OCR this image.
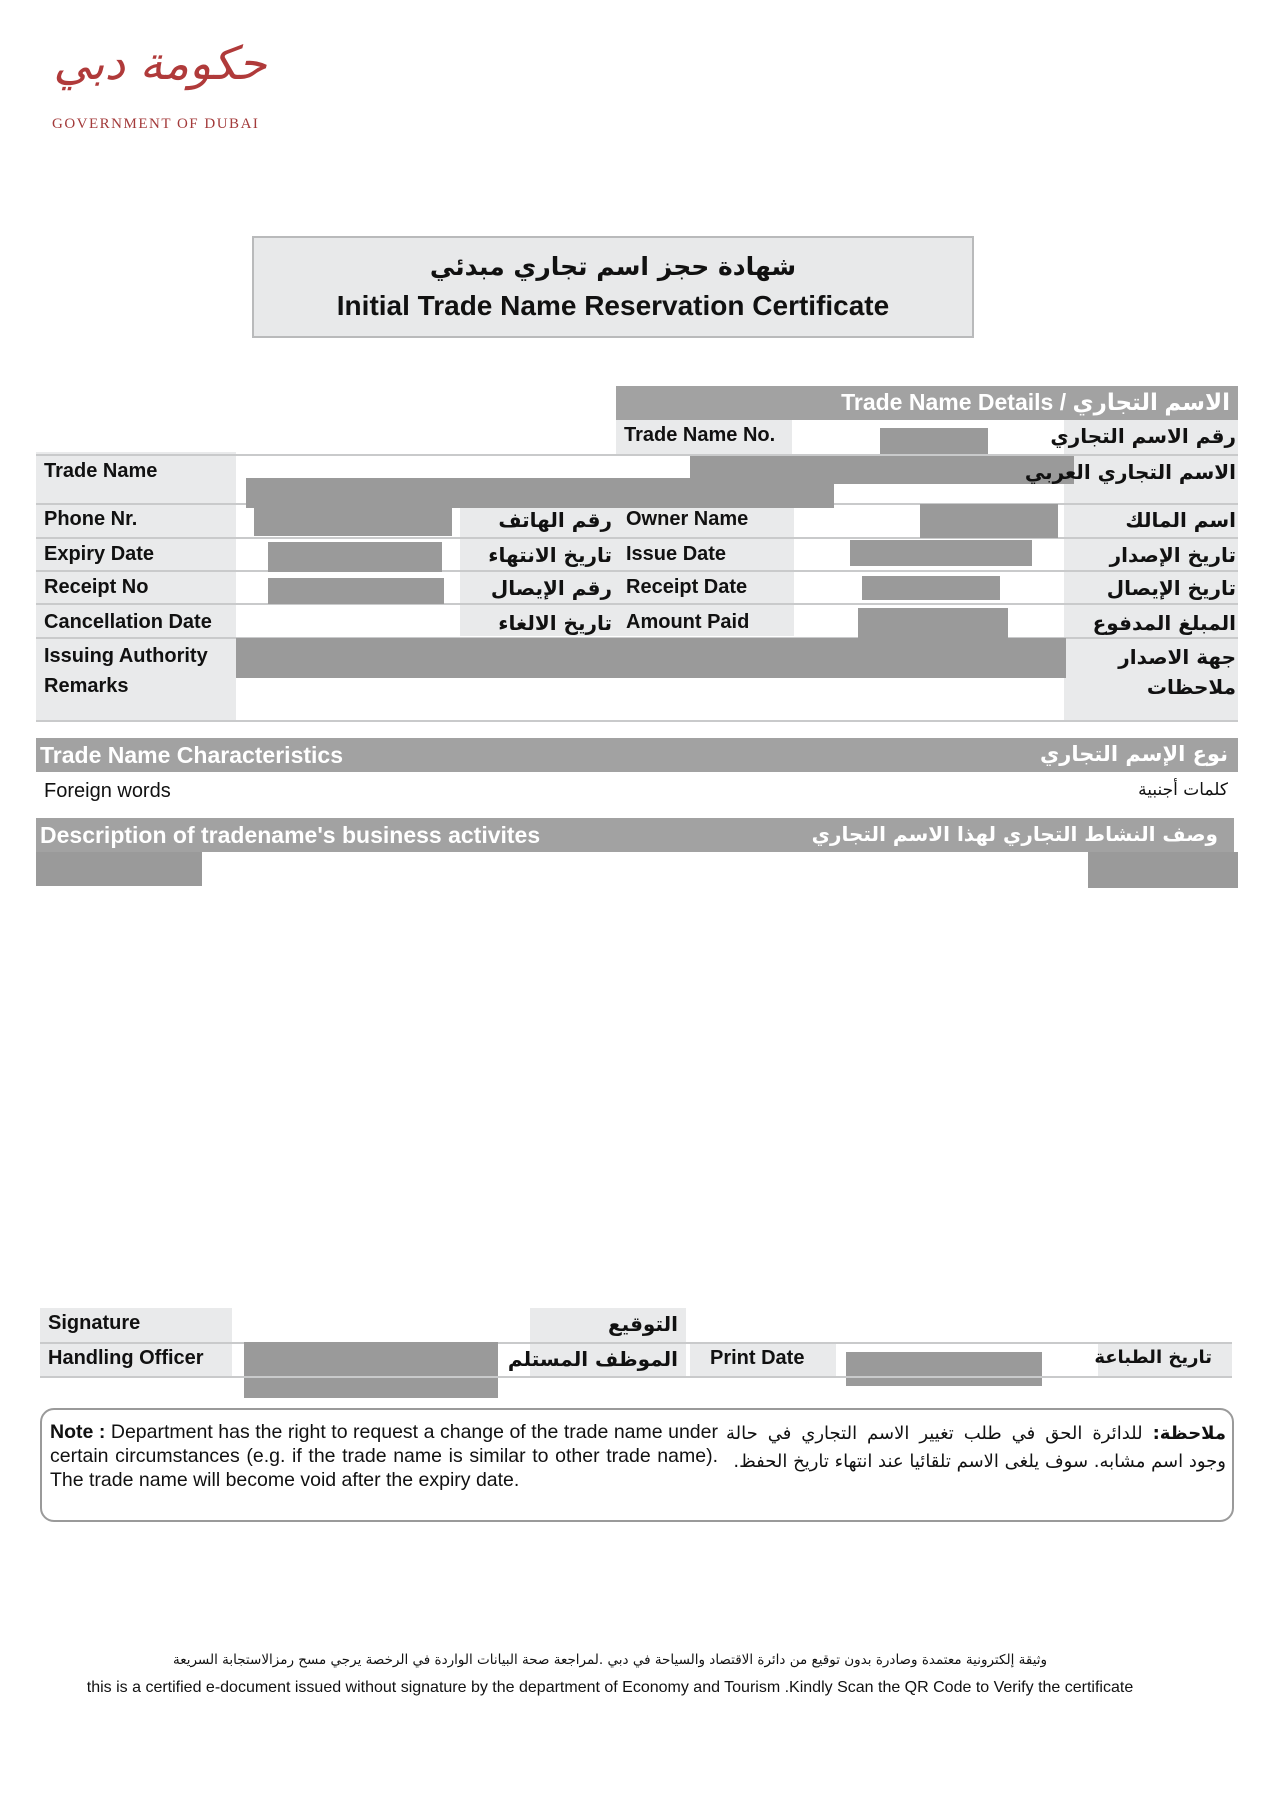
حكومة دبي
GOVERNMENT OF DUBAI
شهادة حجز اسم تجاري مبدئي
Initial Trade Name Reservation Certificate
Trade Name Details / الاسم التجاري
Trade Name No.	رقم الاسم التجاري
Trade Name	الاسم التجاري العربي
Phone Nr.	رقم الهاتف Owner Name	اسم المالك
Expiry Date	تاريخ الانتهاء Issue Date	تاريخ الإصدار
Receipt No	رقم الإيصال Receipt Date	تاريخ الإيصال
Cancellation Date	تاريخ الالغاء Amount Paid	المبلغ المدفوع
Issuing Authority	جهة الاصدار
Remarks	ملاحظات
Trade Name Characteristics	نوع الإسم التجاري
Foreign words	كلمات أجنبية
Description of tradename's business activites	وصف النشاط التجاري لهذا الاسم التجاري
Signature	التوقيع
Handling Officer	الموظف المستلم Print Date	تاريخ الطباعة
Note : Department has the right to request a change of the trade name under certain circumstances (e.g. if the trade name is similar to other trade name). The trade name will become void after the expiry date.
ملاحظة: للدائرة الحق في طلب تغيير الاسم التجاري في حالة وجود اسم مشابه. سوف يلغى الاسم تلقائيا عند انتهاء تاريخ الحفظ.
وثيقة إلكترونية معتمدة وصادرة بدون توقيع من دائرة الاقتصاد والسياحة في دبي .لمراجعة صحة البيانات الواردة في الرخصة يرجي مسح رمزالاستجابة السريعة
this is a certified e-document issued without signature by the department of Economy and Tourism .Kindly Scan the QR Code to Verify the certificate
